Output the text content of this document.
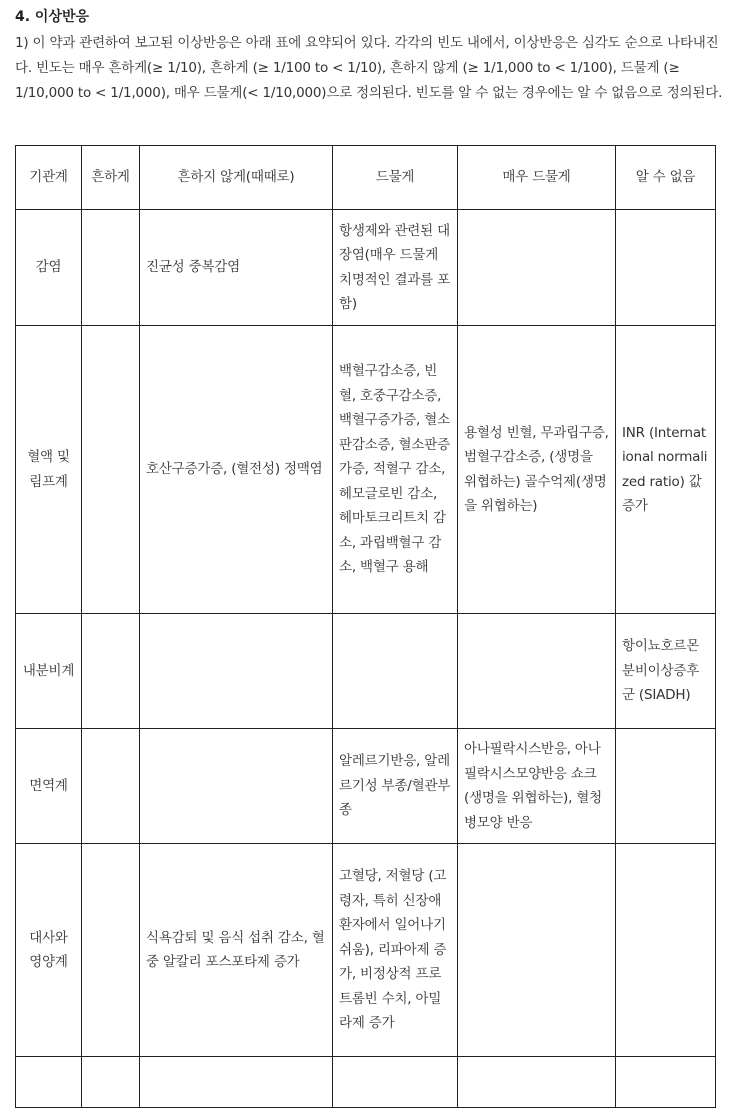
4. 이상반응

1) 이 약과 관련하여 보고된 이상반응은 아래 표에 요약되어 있다. 각각의 빈도 내에서, 이상반응은 심각도 순으로 나타내진다. 빈도는 매우 흔하게(≥ 1/10), 흔하게 (≥ 1/100 to < 1/10), 흔하지 않게 (≥ 1/1,000 to < 1/100), 드물게 (≥ 1/10,000 to < 1/1,000), 매우 드물게(< 1/10,000)으로 정의된다. 빈도를 알 수 없는 경우에는 알 수 없음으로 정의된다.

기관계	흔하게	흔하지 않게(때때로)	드물게	매우 드물게	알 수 없음
감염		진균성 중복감염	항생제와 관련된 대장염(매우 드물게 치명적인 결과를 포함)		
혈액 및 림프계		호산구증가증, (혈전성) 정맥염	백혈구감소증, 빈혈, 호중구감소증, 백혈구증가증, 혈소판감소증, 혈소판증가증, 적혈구 감소, 헤모글로빈 감소, 헤마토크리트치 감소, 과립백혈구 감소, 백혈구 용해	용혈성 빈혈, 무과립구증, 범혈구감소증, (생명을 위협하는) 골수억제(생명을 위협하는)	INR (International normalized ratio) 값 증가
내분비계					항이뇨호르몬 분비이상증후군 (SIADH)
면역계			알레르기반응, 알레르기성 부종/혈관부종	아나필락시스반응, 아나필락시스모양반응 쇼크(생명을 위협하는), 혈청병모양 반응	
대사와 영양계		식욕감퇴 및 음식 섭취 감소, 혈중 알칼리 포스포타제 증가	고혈당, 저혈당 (고령자, 특히 신장애 환자에서 일어나기 쉬움), 리파아제 증가, 비정상적 프로트롬빈 수치, 아밀라제 증가		
